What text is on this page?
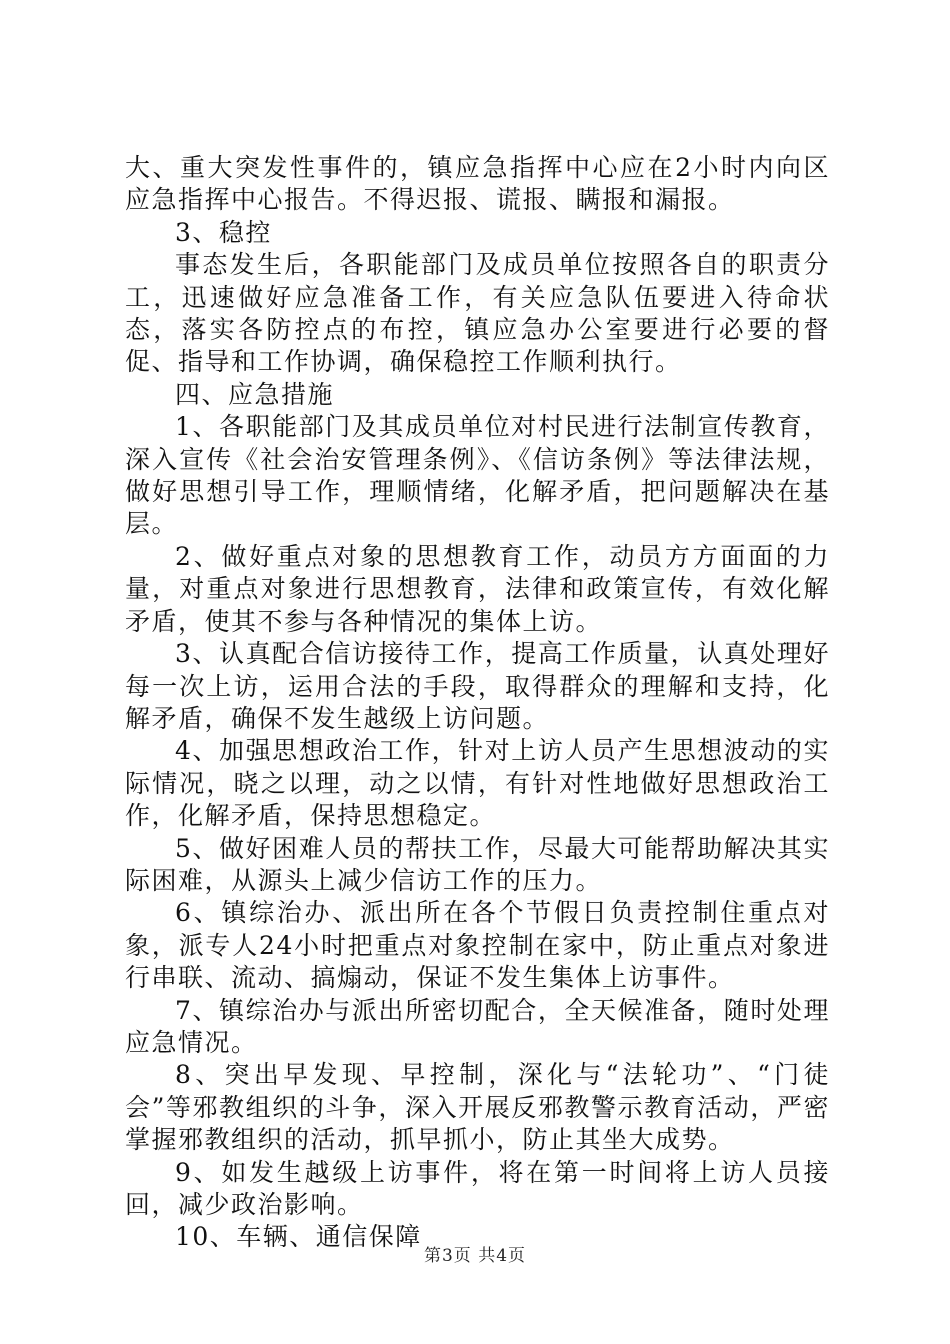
大、重大突发性事件的，镇应急指挥中心应在2小时内向区应急指挥中心报告。不得迟报、谎报、瞒报和漏报。

3、稳控

事态发生后，各职能部门及成员单位按照各自的职责分工，迅速做好应急准备工作，有关应急队伍要进入待命状态，落实各防控点的布控，镇应急办公室要进行必要的督促、指导和工作协调，确保稳控工作顺利执行。

四、应急措施

1、各职能部门及其成员单位对村民进行法制宣传教育，深入宣传《社会治安管理条例》、《信访条例》等法律法规，做好思想引导工作，理顺情绪，化解矛盾，把问题解决在基层。

2、做好重点对象的思想教育工作，动员方方面面的力量，对重点对象进行思想教育，法律和政策宣传，有效化解矛盾，使其不参与各种情况的集体上访。

3、认真配合信访接待工作，提高工作质量，认真处理好每一次上访，运用合法的手段，取得群众的理解和支持，化解矛盾，确保不发生越级上访问题。

4、加强思想政治工作，针对上访人员产生思想波动的实际情况，晓之以理，动之以情，有针对性地做好思想政治工作，化解矛盾，保持思想稳定。

5、做好困难人员的帮扶工作，尽最大可能帮助解决其实际困难，从源头上减少信访工作的压力。

6、镇综治办、派出所在各个节假日负责控制住重点对象，派专人24小时把重点对象控制在家中，防止重点对象进行串联、流动、搞煽动，保证不发生集体上访事件。

7、镇综治办与派出所密切配合，全天候准备，随时处理应急情况。

8、突出早发现、早控制，深化与“法轮功”、“门徒会”等邪教组织的斗争，深入开展反邪教警示教育活动，严密掌握邪教组织的活动，抓早抓小，防止其坐大成势。

9、如发生越级上访事件，将在第一时间将上访人员接回，减少政治影响。

10、车辆、通信保障

第3页 共4页
